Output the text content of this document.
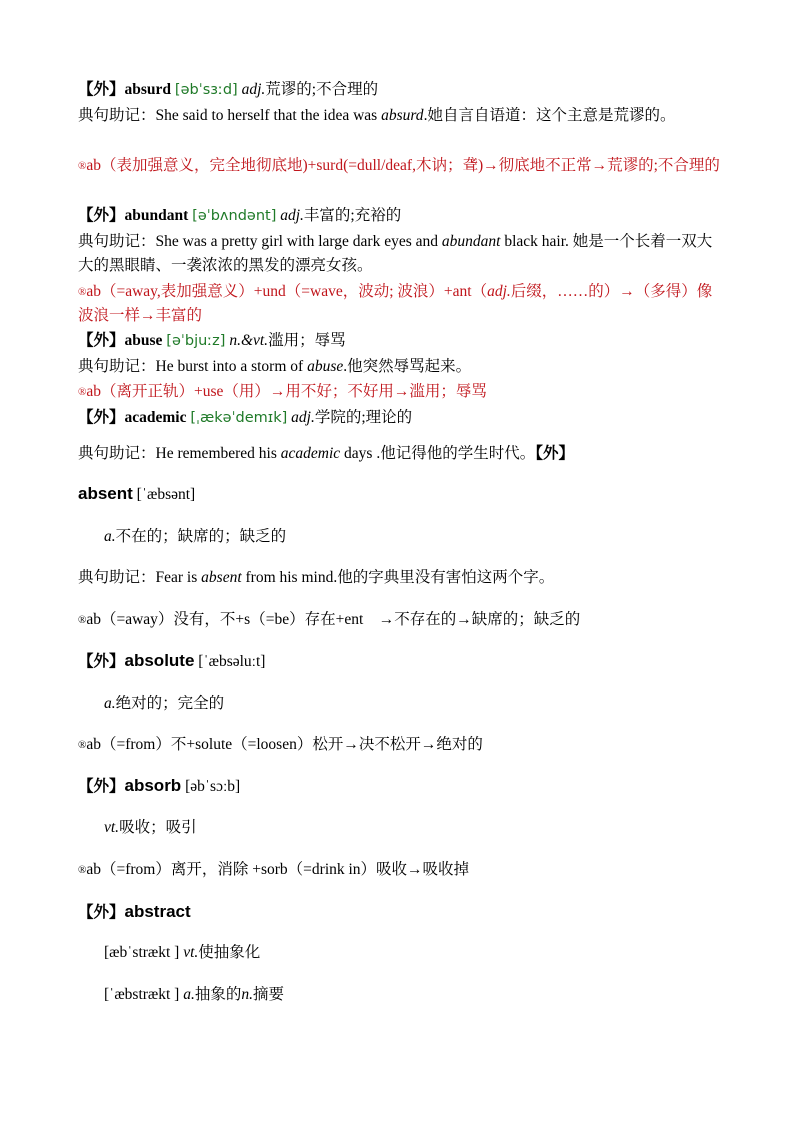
【外】absurd [əbˈsɜːd] adj.荒谬的;不合理的
典句助记：She said to herself that the idea was absurd.她自言自语道：这个主意是荒谬的。
®ab（表加强意义，完全地彻底地)+surd(=dull/deaf,木讷；聋)→彻底地不正常→荒谬的;不合理的
【外】abundant [əˈbʌndənt] adj.丰富的;充裕的
典句助记：She was a pretty girl with large dark eyes and abundant black hair. 她是一个长着一双大大的黑眼睛、一袭浓浓的黑发的漂亮女孩。
®ab（=away,表加强意义）+und（=wave，波动; 波浪）+ant（adj.后缀，……的）→（多得）像波浪一样→丰富的
【外】abuse [əˈbjuːz] n.&vt.滥用；辱骂
典句助记：He burst into a storm of abuse.他突然辱骂起来。
®ab（离开正轨）+use（用）→用不好；不好用→滥用；辱骂
【外】academic [ˌækəˈdemɪk] adj.学院的;理论的
典句助记：He remembered his academic days .他记得他的学生时代。【外】
absent [ˈæbsənt]
a.不在的；缺席的；缺乏的
典句助记：Fear is absent from his mind.他的字典里没有害怕这两个字。
®ab（=away）没有，不+s（=be）存在+ent　→不存在的→缺席的；缺乏的
【外】absolute [ˈæbsəluːt]
a.绝对的；完全的
®ab（=from）不+solute（=loosen）松开→决不松开→绝对的
【外】absorb [əbˈsɔːb]
vt.吸收；吸引
®ab（=from）离开，消除 +sorb（=drink in）吸收→吸收掉
【外】abstract
[æbˈstrækt ] vt.使抽象化
[ˈæbstrækt ] a.抽象的n.摘要
